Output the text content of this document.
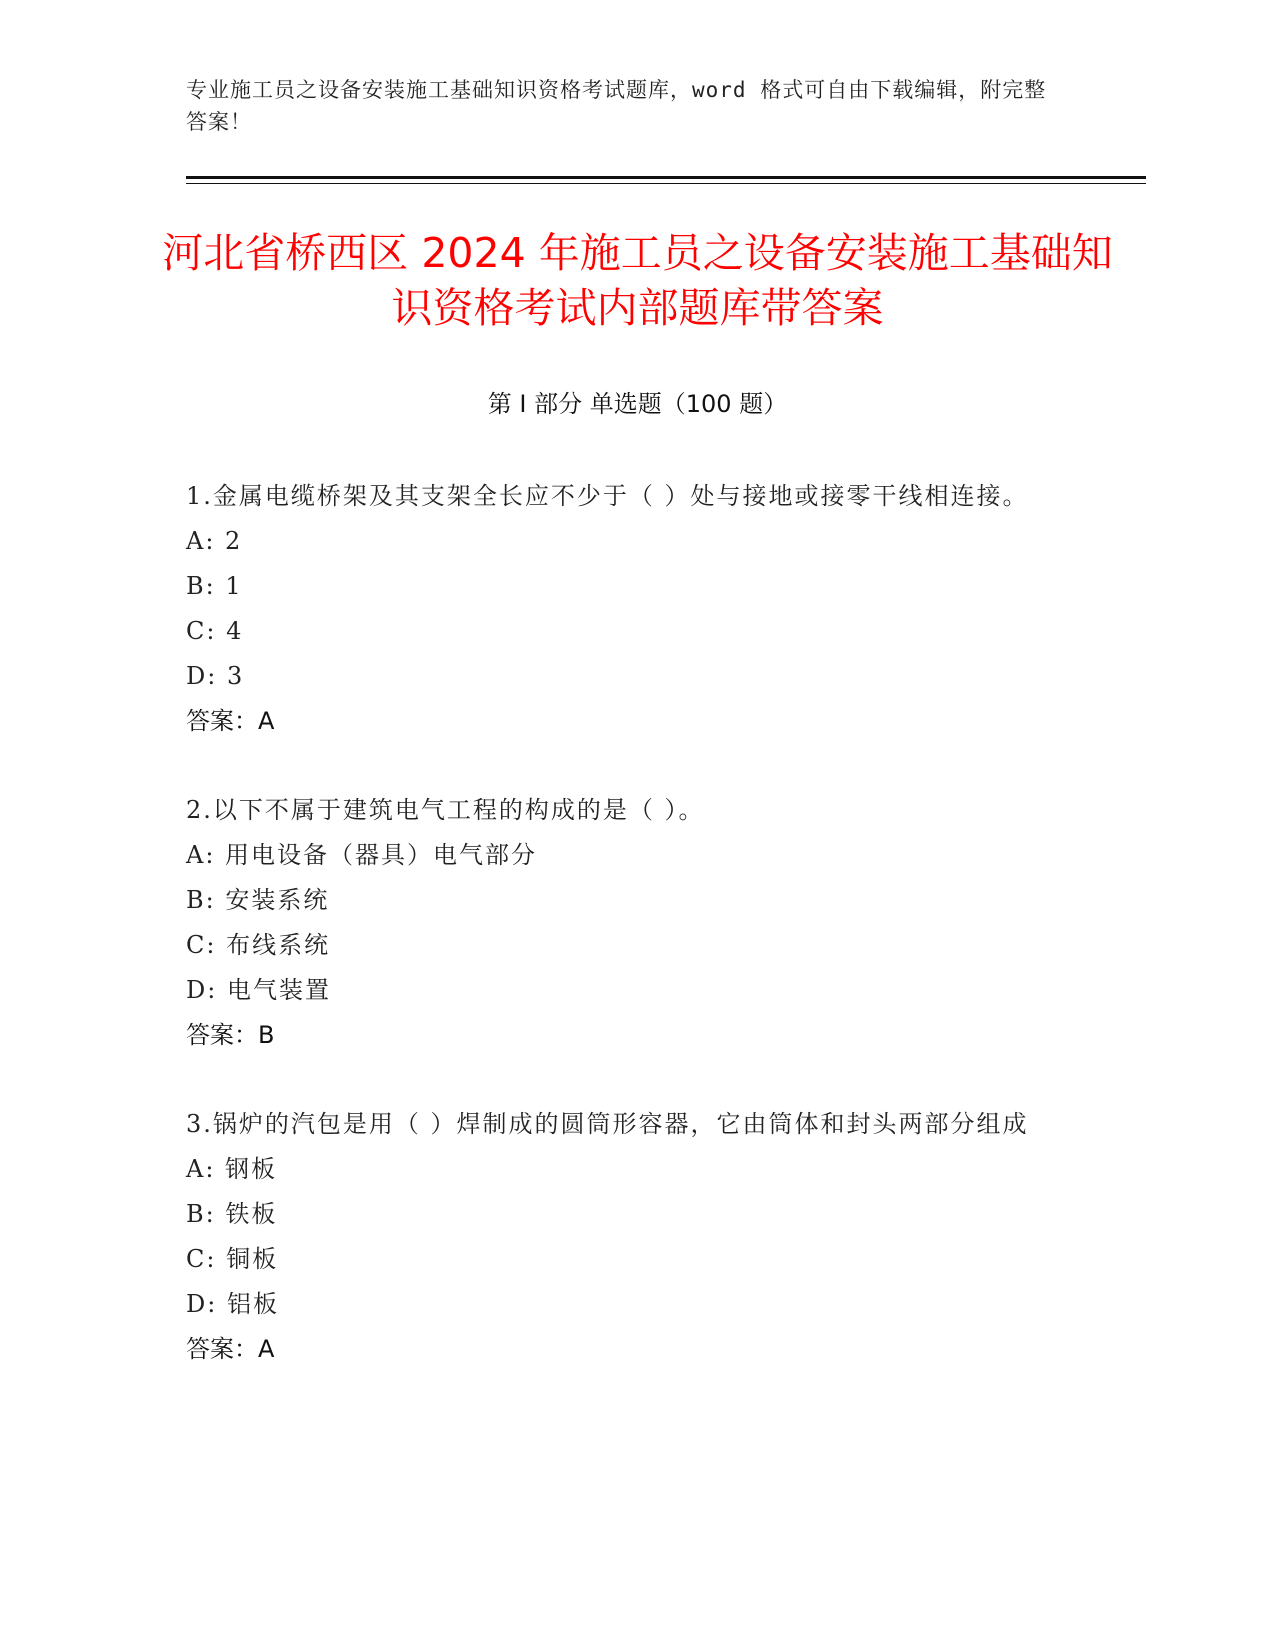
专业施工员之设备安装施工基础知识资格考试题库，word 格式可自由下载编辑，附完整答案！
河北省桥西区 2024 年施工员之设备安装施工基础知识资格考试内部题库带答案
第 I 部分 单选题（100 题）
1.金属电缆桥架及其支架全长应不少于（ ）处与接地或接零干线相连接。
A: 2
B: 1
C: 4
D: 3
答案：A
2.以下不属于建筑电气工程的构成的是（ ）。
A: 用电设备（器具）电气部分
B: 安装系统
C: 布线系统
D: 电气装置
答案：B
3.锅炉的汽包是用（ ）焊制成的圆筒形容器，它由筒体和封头两部分组成
A: 钢板
B: 铁板
C: 铜板
D: 铝板
答案：A
